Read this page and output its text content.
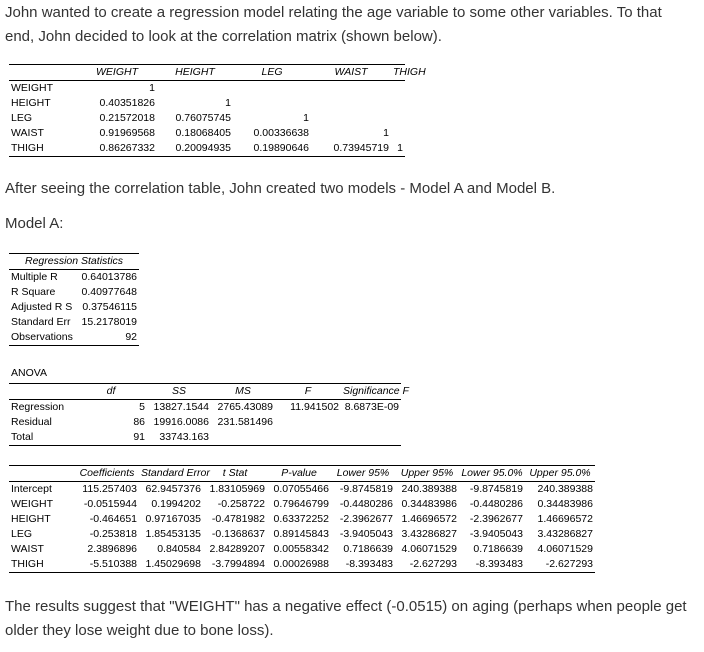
John wanted to create a regression model relating the age variable to some other variables. To that end, John decided to look at the correlation matrix (shown below).

	WEIGHT	HEIGHT	LEG	WAIST	THIGH
WEIGHT	1				
HEIGHT	0.40351826	1			
LEG	0.21572018	0.76075745	1		
WAIST	0.91969568	0.18068405	0.00336638	1	
THIGH	0.86267332	0.20094935	0.19890646	0.73945719	1

After seeing the correlation table, John created two models - Model A and Model B.

Model A:

Regression Statistics	
Multiple R	0.64013786
R Square	0.40977648
Adjusted R S	0.37546115
Standard Err	15.2178019
Observations	92
ANOVA
	df	SS	MS	F	Significance F
Regression	5	13827.1544	2765.43089	11.941502	8.6873E-09
Residual	86	19916.0086	231.581496		
Total	91	33743.163			
	Coefficients	Standard Error	t Stat	P-value	Lower 95%	Upper 95%	Lower 95.0%	Upper 95.0%
Intercept	115.257403	62.9457376	1.83105969	0.07055466	-9.8745819	240.389388	-9.8745819	240.389388
WEIGHT	-0.0515944	0.1994202	-0.258722	0.79646799	-0.4480286	0.34483986	-0.4480286	0.34483986
HEIGHT	-0.464651	0.97167035	-0.4781982	0.63372252	-2.3962677	1.46696572	-2.3962677	1.46696572
LEG	-0.253818	1.85453135	-0.1368637	0.89145843	-3.9405043	3.43286827	-3.9405043	3.43286827
WAIST	2.3896896	0.840584	2.84289207	0.00558342	0.7186639	4.06071529	0.7186639	4.06071529
THIGH	-5.510388	1.45029698	-3.7994894	0.00026988	-8.393483	-2.627293	-8.393483	-2.627293

The results suggest that "WEIGHT" has a negative effect (-0.0515) on aging (perhaps when people get older they lose weight due to bone loss).
